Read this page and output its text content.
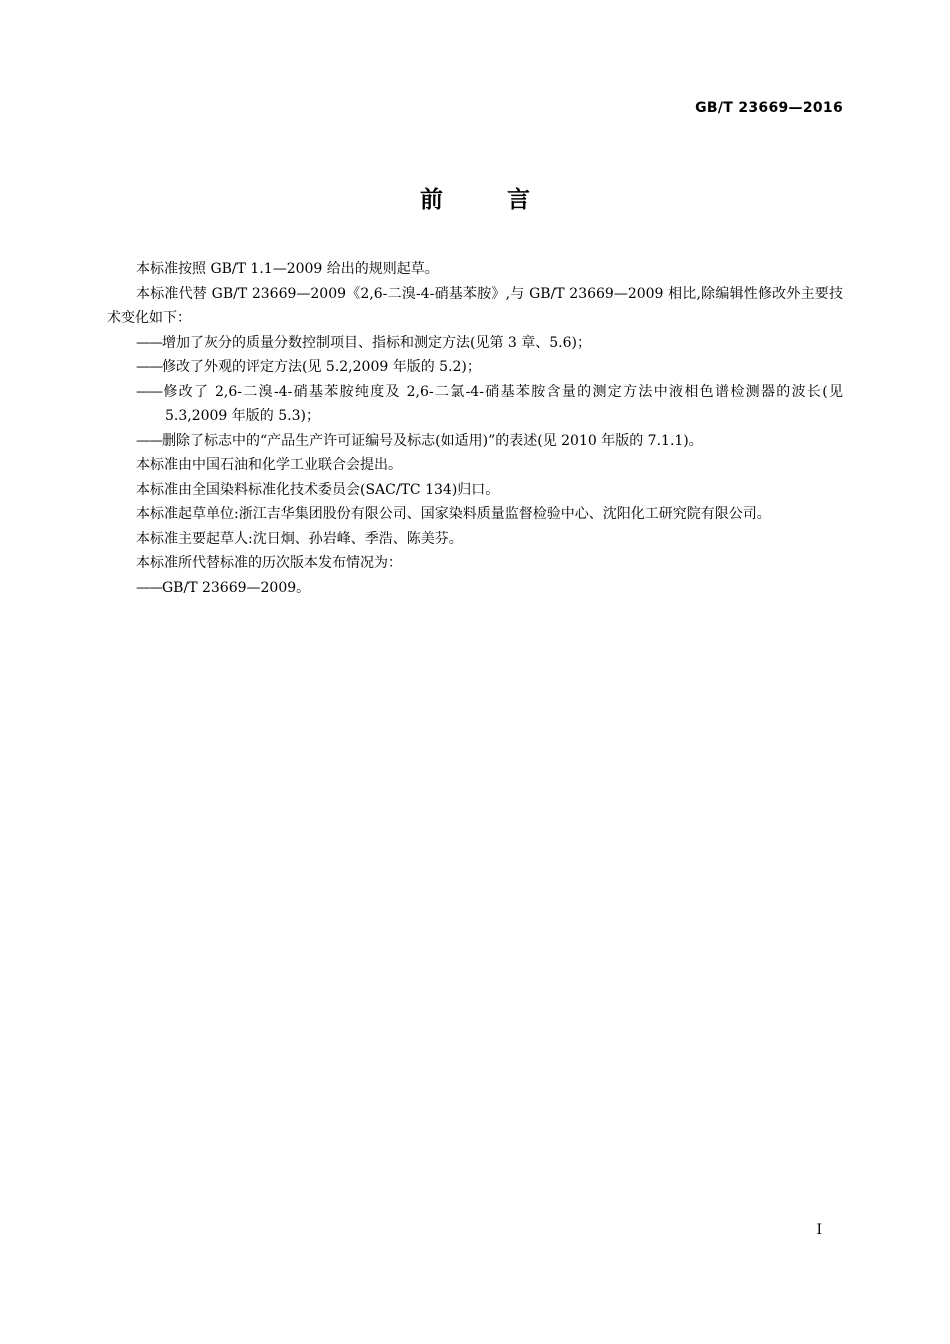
GB/T 23669—2016
前言

本标准按照 GB/T 1.1—2009 给出的规则起草。

本标准代替 GB/T 23669—2009《2,6-二溴-4-硝基苯胺》,与 GB/T 23669—2009 相比,除编辑性修改外主要技术变化如下：

——增加了灰分的质量分数控制项目、指标和测定方法(见第 3 章、5.6)；

——修改了外观的评定方法(见 5.2,2009 年版的 5.2)；

——修改了 2,6-二溴-4-硝基苯胺纯度及 2,6-二氯-4-硝基苯胺含量的测定方法中液相色谱检测器的波长(见 5.3,2009 年版的 5.3)；

——删除了标志中的“产品生产许可证编号及标志(如适用)”的表述(见 2010 年版的 7.1.1)。

本标准由中国石油和化学工业联合会提出。

本标准由全国染料标准化技术委员会(SAC/TC 134)归口。

本标准起草单位:浙江吉华集团股份有限公司、国家染料质量监督检验中心、沈阳化工研究院有限公司。

本标准主要起草人:沈日炯、孙岩峰、季浩、陈美芬。

本标准所代替标准的历次版本发布情况为：

——GB/T 23669—2009。

I
